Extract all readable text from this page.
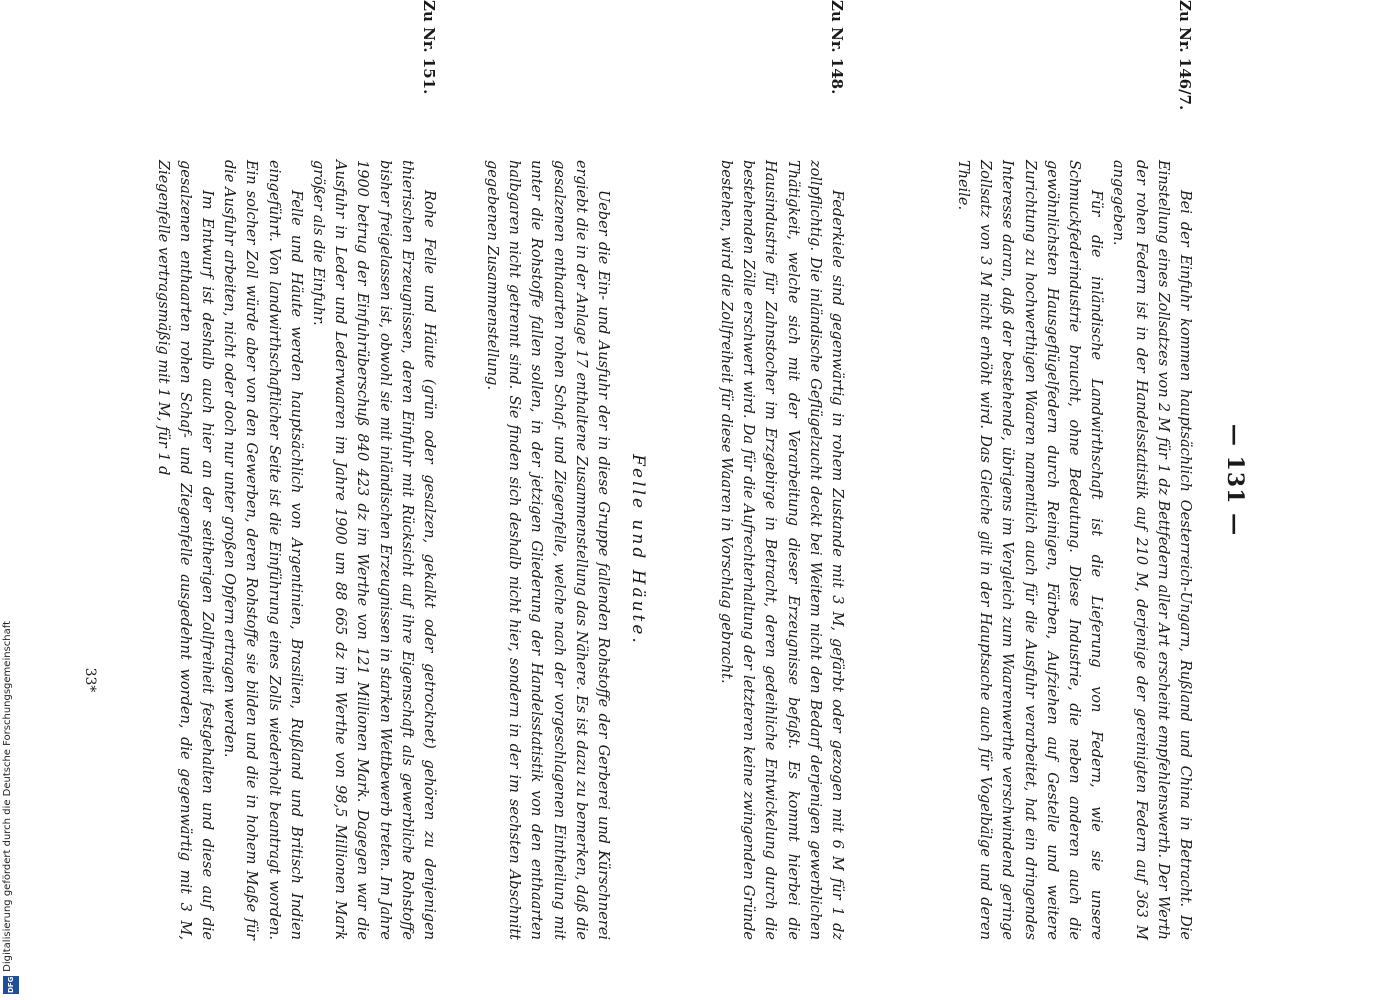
— 131 —
Zu Nr. 146/7.

Bei der Einfuhr kommen hauptsächlich Oesterreich-Ungarn, Rußland und China in Betracht. Die Einstellung eines Zollsatzes von 2 M für 1 dz Bettfedern aller Art erscheint empfehlenswerth. Der Werth der rohen Federn ist in der Handelsstatistik auf 210 M, derjenige der gereinigten Federn auf 363 M angegeben.

Für die inländische Landwirthschaft ist die Lieferung von Federn, wie sie unsere Schmuckfederindustrie braucht, ohne Bedeutung. Diese Industrie, die neben anderen auch die gewöhnlichsten Hausgeflügelfedern durch Reinigen, Färben, Aufziehen auf Gestelle und weitere Zurichtung zu hochwerthigen Waaren namentlich auch für die Ausfuhr verarbeitet, hat ein dringendes Interesse daran, daß der bestehende, übrigens im Vergleich zum Waarenwerthe verschwindend geringe Zollsatz von 3 M nicht erhöht wird. Das Gleiche gilt in der Hauptsache auch für Vogelbälge und deren Theile.

Zu Nr. 148.

Federkiele sind gegenwärtig in rohem Zustande mit 3 M, gefärbt oder gezogen mit 6 M für 1 dz zollpflichtig. Die inländische Geflügelzucht deckt bei Weitem nicht den Bedarf derjenigen gewerblichen Thätigkeit, welche sich mit der Verarbeitung dieser Erzeugnisse befaßt. Es kommt hierbei die Hausindustrie für Zahnstocher im Erzgebirge in Betracht, deren gedeihliche Entwickelung durch die bestehenden Zölle erschwert wird. Da für die Aufrechterhaltung der letzteren keine zwingenden Gründe bestehen, wird die Zollfreiheit für diese Waaren in Vorschlag gebracht.

Felle und Häute.

Ueber die Ein- und Ausfuhr der in diese Gruppe fallenden Rohstoffe der Gerberei und Kürschnerei ergiebt die in der Anlage 17 enthaltene Zusammenstellung das Nähere. Es ist dazu zu bemerken, daß die gesalzenen enthaarten rohen Schaf- und Ziegenfelle, welche nach der vorgeschlagenen Eintheilung mit unter die Rohstoffe fallen sollen, in der jetzigen Gliederung der Handelsstatistik von den enthaarten halbgaren nicht getrennt sind. Sie finden sich deshalb nicht hier, sondern in der im sechsten Abschnitt gegebenen Zusammenstellung.

Zu Nr. 151.

Rohe Felle und Häute (grün oder gesalzen, gekalkt oder getrocknet) gehören zu denjenigen thierischen Erzeugnissen, deren Einfuhr mit Rücksicht auf ihre Eigenschaft als gewerbliche Rohstoffe bisher freigelassen ist, obwohl sie mit inländischen Erzeugnissen in starken Wettbewerb treten. Im Jahre 1900 betrug der Einfuhrüberschuß 840 423 dz im Werthe von 121 Millionen Mark. Dagegen war die Ausfuhr in Leder und Lederwaaren im Jahre 1900 um 88 665 dz im Werthe von 98,5 Millionen Mark größer als die Einfuhr.

Felle und Häute werden hauptsächlich von Argentinien, Brasilien, Rußland und Britisch Indien eingeführt. Von landwirthschaftlicher Seite ist die Einführung eines Zolls wiederholt beantragt worden. Ein solcher Zoll würde aber von den Gewerben, deren Rohstoffe sie bilden und die in hohem Maße für die Ausfuhr arbeiten, nicht oder doch nur unter großen Opfern ertragen werden.

Im Entwurf ist deshalb auch hier an der seitherigen Zollfreiheit festgehalten und diese auf die gesalzenen enthaarten rohen Schaf- und Ziegenfelle ausgedehnt worden, die gegenwärtig mit 3 M, Ziegenfelle vertragsmäßig mit 1 M, für 1 d

33*
Digitalisierung gefördert durch die Deutsche Forschungsgemeinschaft
DFG
